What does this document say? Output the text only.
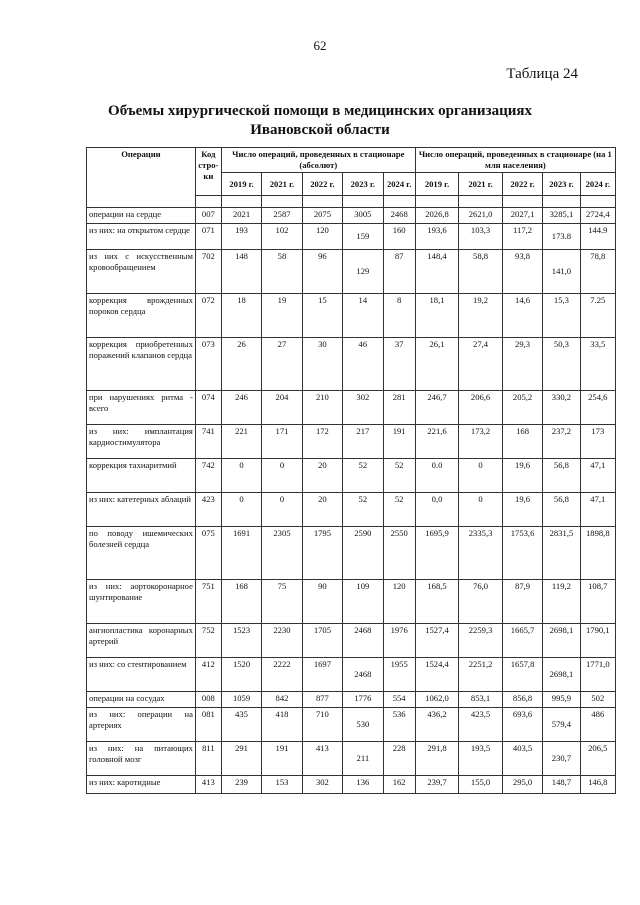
62
Таблица 24
Объемы хирургической помощи в медицинских организациях
Ивановской области
Операции	Код стро-ки	Число операций, проведенных в стационаре (абсолют)					Число операций, проведенных в стационаре (на 1 млн населения)				
		2019 г.	2021 г.	2022 г.	2023 г.	2024 г.	2019 г.	2021 г.	2022 г.	2023 г.	2024 г.

операции на сердце	007	2021	2587	2075	3005	2468	2026,8	2621,0	2027,1	3285,1	2724,4
из них: на открытом сердце	071	193	102	120	159	160	193,6	103,3	117,2	173.8	144.9
из них с искусственным кровообращением	702	148	58	96	129	87	148,4	58,8	93,8	141,0	78,8
коррекция врожденных пороков сердца	072	18	19	15	14	8	18,1	19,2	14,6	15,3	7.25
коррекция приобретенных поражений клапанов сердца	073	26	27	30	46	37	26,1	27,4	29,3	50,3	33,5
при нарушениях ритма - всего	074	246	204	210	302	281	246,7	206,6	205,2	330,2	254,6
из них: имплантация кардиостимулятора	741	221	171	172	217	191	221,6	173,2	168	237,2	173
коррекция тахиаритмий	742	0	0	20	52	52	0.0	0	19,6	56,8	47,1
из них: катетерных аблаций	423	0	0	20	52	52	0,0	0	19,6	56,8	47,1
по поводу ишемических болезней сердца	075	1691	2305	1795	2590	2550	1695,9	2335,3	1753,6	2831,5	1898,8
из них: аортокоронарное шунтирование	751	168	75	90	109	120	168,5	76,0	87,9	119,2	108,7
ангиопластика коронарных артерий	752	1523	2230	1705	2468	1976	1527,4	2259,3	1665,7	2698,1	1790,1
из них: со стентированием	412	1520	2222	1697	2468	1955	1524,4	2251,2	1657,8	2698,1	1771,0
операции на сосудах	008	1059	842	877	1776	554	1062,0	853,1	856,8	995,9	502
из них: операции на артериях	081	435	418	710	530	536	436,2	423,5	693,6	579,4	486
из них: на питающих головной мозг	811	291	191	413	211	228	291,8	193,5	403,5	230,7	206,5
из них: каротидные	413	239	153	302	136	162	239,7	155,0	295,0	148,7	146,8
